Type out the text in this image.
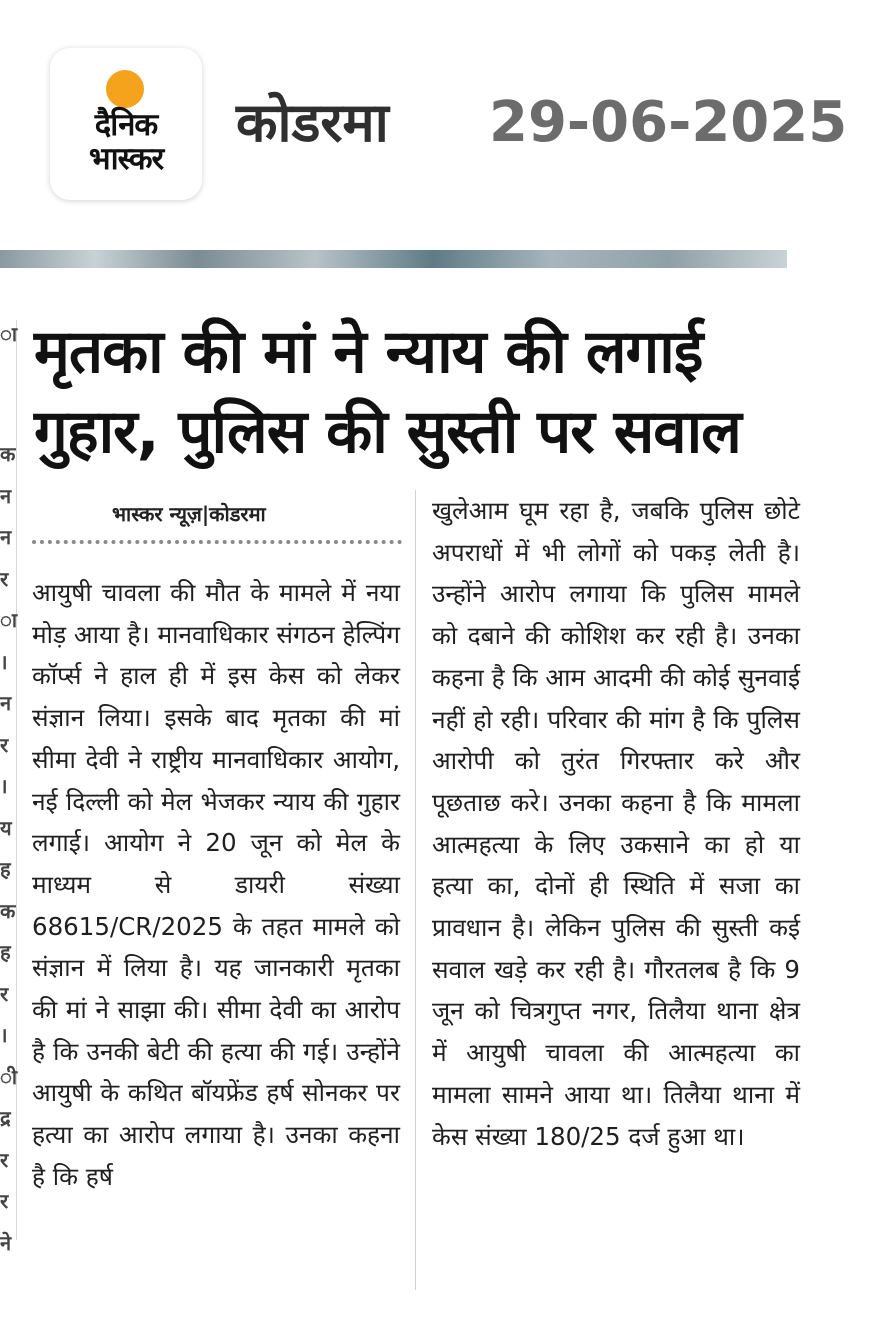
दैनिक
भास्कर
कोडरमा 29-06-2025
ा
क
न
न
र
ा
।
न
र
।
य
ह
क
ह
र
।
ी
द्र
र
र
ने
मृतका की मां ने न्याय की लगाई गुहार, पुलिस की सुस्ती पर सवाल
भास्कर न्यूज़|कोडरमा

आयुषी चावला की मौत के मामले में नया मोड़ आया है। मानवाधिकार संगठन हेल्पिंग कॉर्प्स ने हाल ही में इस केस को लेकर संज्ञान लिया। इसके बाद मृतका की मां सीमा देवी ने राष्ट्रीय मानवाधिकार आयोग, नई दिल्ली को मेल भेजकर न्याय की गुहार लगाई। आयोग ने 20 जून को मेल के माध्यम से डायरी संख्या 68615/CR/2025 के तहत मामले को संज्ञान में लिया है। यह जानकारी मृतका की मां ने साझा की। सीमा देवी का आरोप है कि उनकी बेटी की हत्या की गई। उन्होंने आयुषी के कथित बॉयफ्रेंड हर्ष सोनकर पर हत्या का आरोप लगाया है। उनका कहना है कि हर्ष

खुलेआम घूम रहा है, जबकि पुलिस छोटे अपराधों में भी लोगों को पकड़ लेती है। उन्होंने आरोप लगाया कि पुलिस मामले को दबाने की कोशिश कर रही है। उनका कहना है कि आम आदमी की कोई सुनवाई नहीं हो रही। परिवार की मांग है कि पुलिस आरोपी को तुरंत गिरफ्तार करे और पूछताछ करे। उनका कहना है कि मामला आत्महत्या के लिए उकसाने का हो या हत्या का, दोनों ही स्थिति में सजा का प्रावधान है। लेकिन पुलिस की सुस्ती कई सवाल खड़े कर रही है। गौरतलब है कि 9 जून को चित्रगुप्त नगर, तिलैया थाना क्षेत्र में आयुषी चावला की आत्महत्या का मामला सामने आया था। तिलैया थाना में केस संख्या 180/25 दर्ज हुआ था।
